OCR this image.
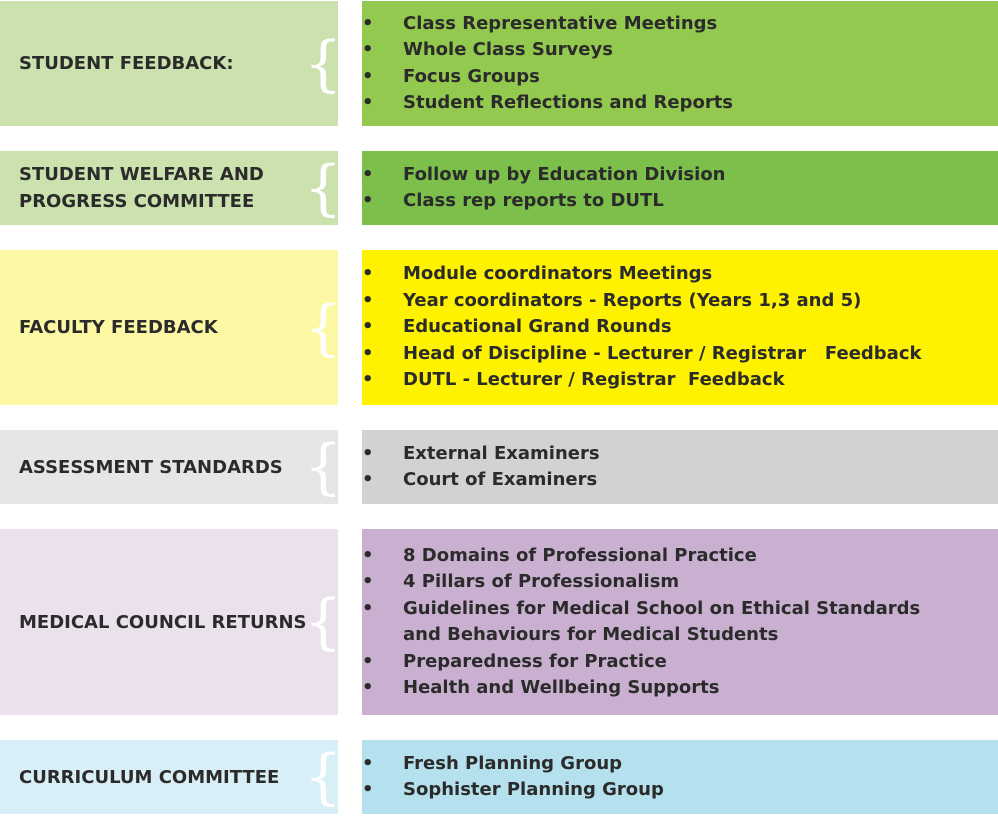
STUDENT FEEDBACK: {
• Class Representative Meetings
• Whole Class Surveys
• Focus Groups
• Student Reflections and Reports
STUDENT WELFARE AND PROGRESS COMMITTEE {	• Follow up by Education Division
• Class rep reports to DUTL
FACULTY FEEDBACK {
• Module coordinators Meetings
• Year coordinators - Reports (Years 1,3 and 5)
• Educational Grand Rounds
• Head of Discipline - Lecturer / Registrar   Feedback
• DUTL - Lecturer / Registrar  Feedback
ASSESSMENT STANDARDS {	• External Examiners
• Court of Examiners
MEDICAL COUNCIL RETURNS
{
• 8 Domains of Professional Practice
• 4 Pillars of Professionalism
• Guidelines for Medical School on Ethical Standards
and Behaviours for Medical Students
• Preparedness for Practice
• Health and Wellbeing Supports
CURRICULUM COMMITTEE {	• Fresh Planning Group
• Sophister Planning Group
